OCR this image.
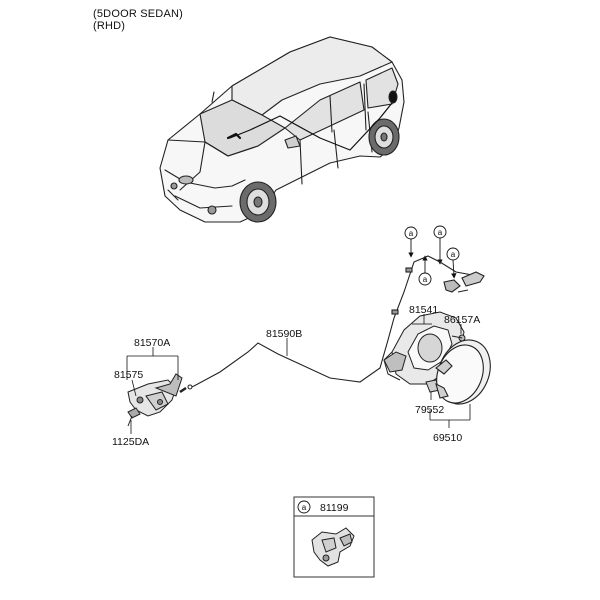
(5DOOR SEDAN)
(RHD)
a	a
a
a
81570A
81575
1125DA
81590B
81541
86157A
79552
69510
a 81199
